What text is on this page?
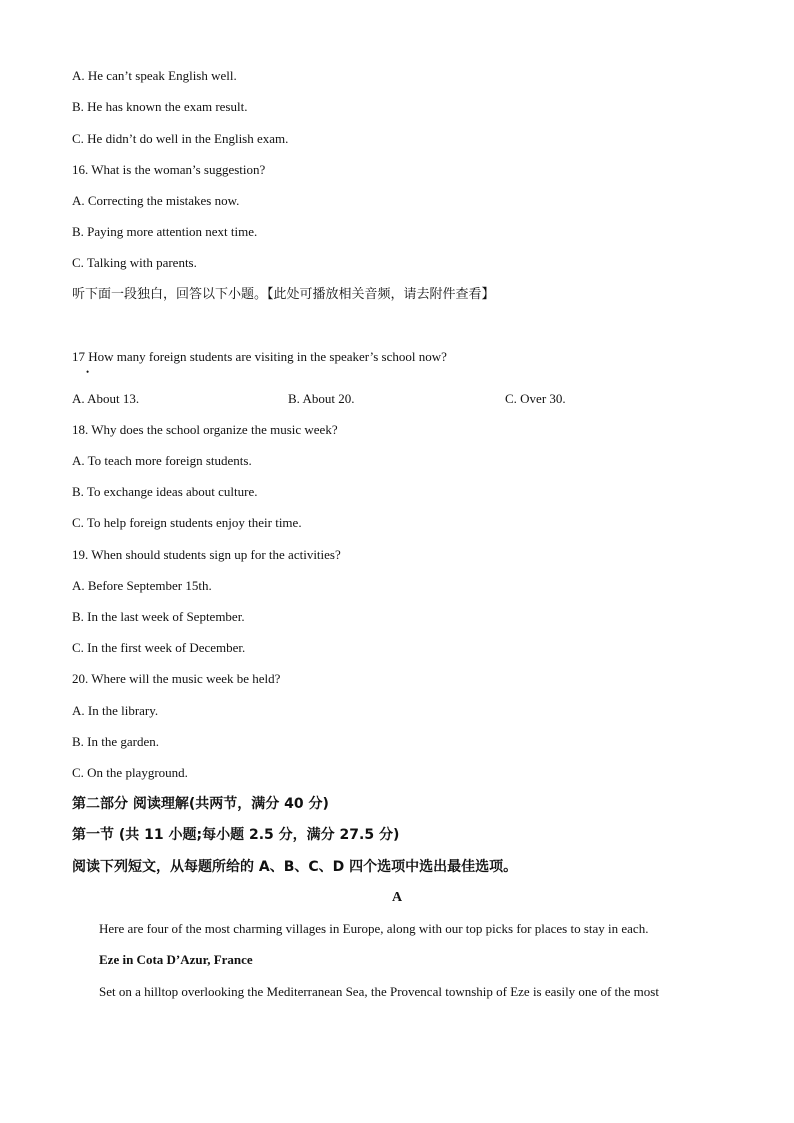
A. He can’t speak English well.
B. He has known the exam result.
C. He didn’t do well in the English exam.
16. What is the woman’s suggestion?
A. Correcting the mistakes now.
B. Paying more attention next time.
C. Talking with parents.
听下面一段独白，回答以下小题。【此处可播放相关音频，请去附件查看】
17 How many foreign students are visiting in the speaker’s school now?
•
A. About 13.	B. About 20.	C. Over 30.
18. Why does the school organize the music week?
A. To teach more foreign students.
B. To exchange ideas about culture.
C. To help foreign students enjoy their time.
19. When should students sign up for the activities?
A. Before September 15th.
B. In the last week of September.
C. In the first week of December.
20. Where will the music week be held?
A. In the library.
B. In the garden.
C. On the playground.
第二部分 阅读理解(共两节，满分 40 分)
第一节 (共 11 小题;每小题 2.5 分，满分 27.5 分)
阅读下列短文，从每题所给的 A、B、C、D 四个选项中选出最佳选项。
A
Here are four of the most charming villages in Europe, along with our top picks for places to stay in each.
Eze in Cota D’Azur, France
Set on a hilltop overlooking the Mediterranean Sea, the Provencal township of Eze is easily one of the most
